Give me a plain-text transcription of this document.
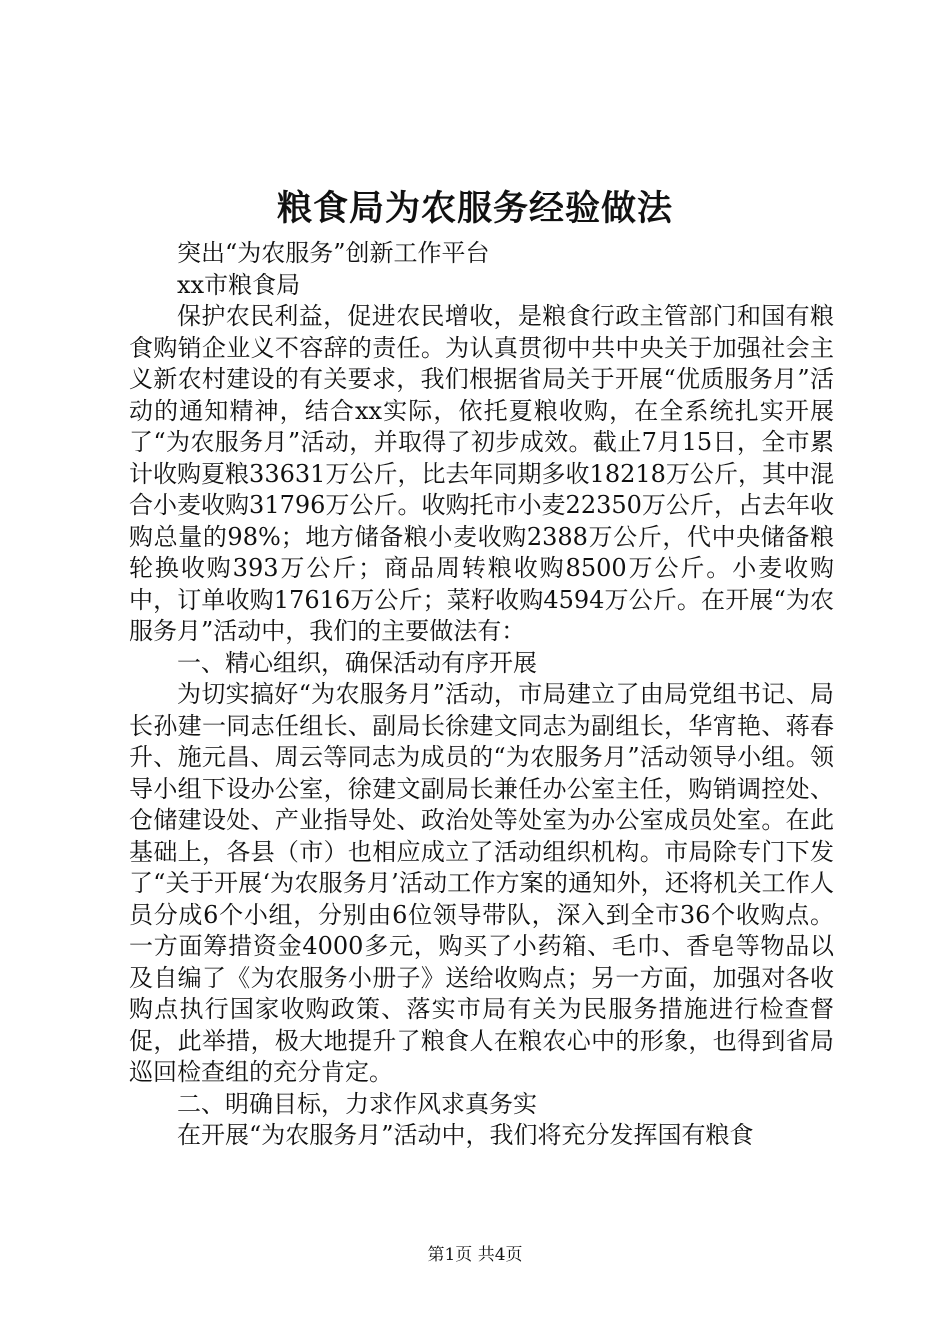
粮食局为农服务经验做法

突出“为农服务”创新工作平台

xx市粮食局

保护农民利益，促进农民增收，是粮食行政主管部门和国有粮食购销企业义不容辞的责任。为认真贯彻中共中央关于加强社会主义新农村建设的有关要求，我们根据省局关于开展“优质服务月”活动的通知精神，结合xx实际，依托夏粮收购，在全系统扎实开展了“为农服务月”活动，并取得了初步成效。截止7月15日，全市累计收购夏粮33631万公斤，比去年同期多收18218万公斤，其中混合小麦收购31796万公斤。收购托市小麦22350万公斤，占去年收购总量的98%；地方储备粮小麦收购2388万公斤，代中央储备粮轮换收购393万公斤；商品周转粮收购8500万公斤。小麦收购中，订单收购17616万公斤；菜籽收购4594万公斤。在开展“为农服务月”活动中，我们的主要做法有：

一、精心组织，确保活动有序开展

为切实搞好“为农服务月”活动，市局建立了由局党组书记、局长孙建一同志任组长、副局长徐建文同志为副组长，华宵艳、蒋春升、施元昌、周云等同志为成员的“为农服务月”活动领导小组。领导小组下设办公室，徐建文副局长兼任办公室主任，购销调控处、仓储建设处、产业指导处、政治处等处室为办公室成员处室。在此基础上，各县（市）也相应成立了活动组织机构。市局除专门下发了“关于开展‘为农服务月’活动工作方案的通知外，还将机关工作人员分成6个小组，分别由6位领导带队，深入到全市36个收购点。一方面筹措资金4000多元，购买了小药箱、毛巾、香皂等物品以及自编了《为农服务小册子》送给收购点；另一方面，加强对各收购点执行国家收购政策、落实市局有关为民服务措施进行检查督促，此举措，极大地提升了粮食人在粮农心中的形象，也得到省局巡回检查组的充分肯定。

二、明确目标，力求作风求真务实

在开展“为农服务月”活动中，我们将充分发挥国有粮食

第1页 共4页
